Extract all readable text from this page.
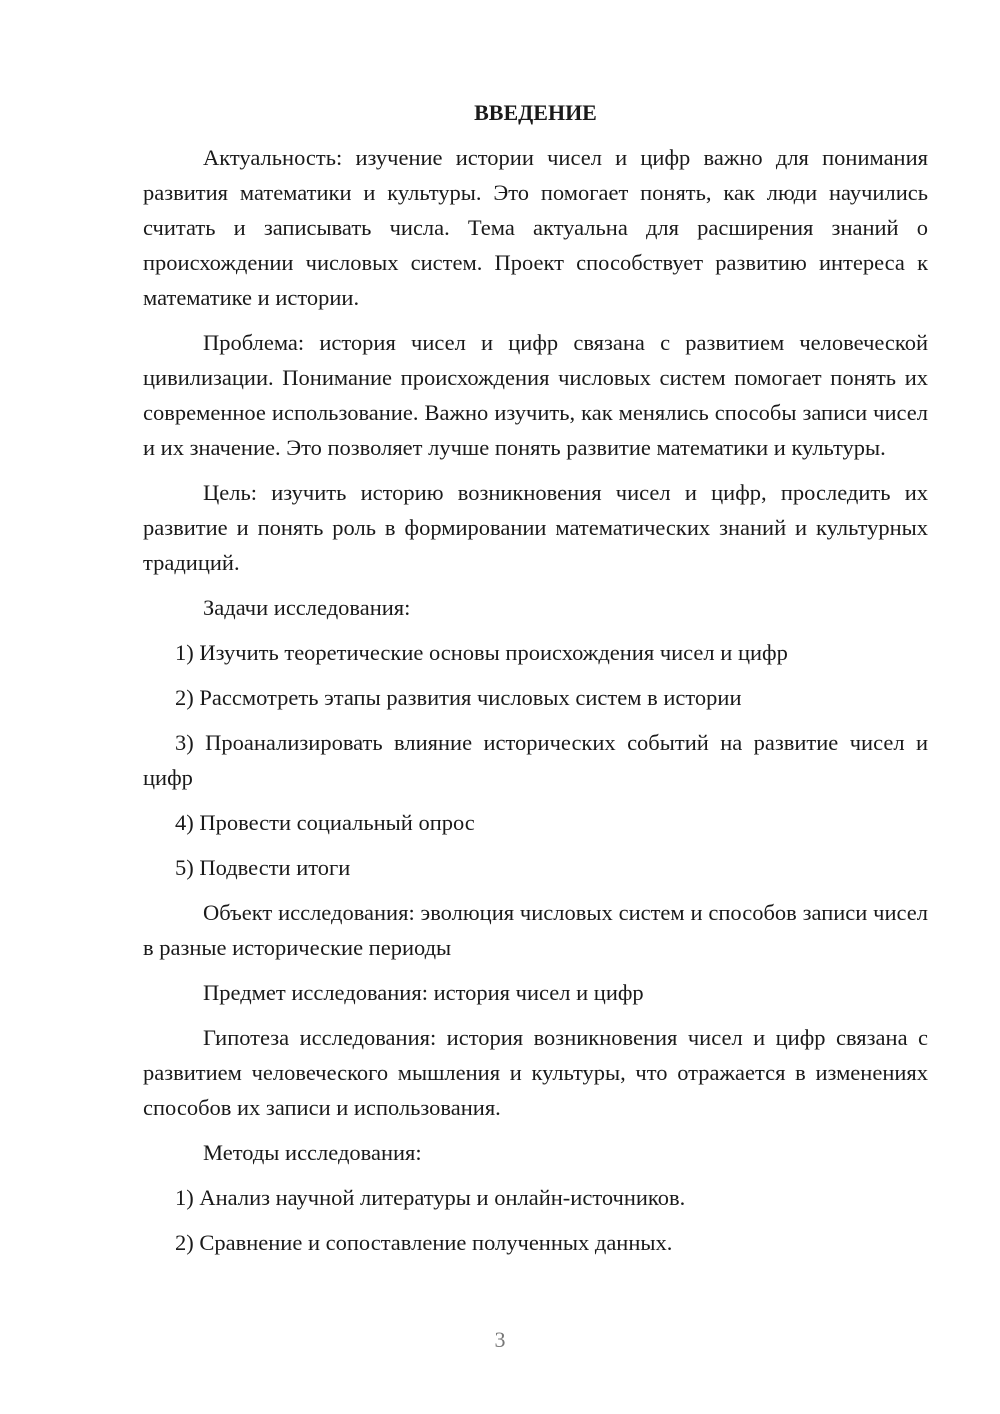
ВВЕДЕНИЕ

Актуальность: изучение истории чисел и цифр важно для понимания развития математики и культуры. Это помогает понять, как люди научились считать и записывать числа. Тема актуальна для расширения знаний о происхождении числовых систем. Проект способствует развитию интереса к математике и истории.

Проблема: история чисел и цифр связана с развитием человеческой цивилизации. Понимание происхождения числовых систем помогает понять их современное использование. Важно изучить, как менялись способы записи чисел и их значение. Это позволяет лучше понять развитие математики и культуры.

Цель: изучить историю возникновения чисел и цифр, проследить их развитие и понять роль в формировании математических знаний и культурных традиций.

Задачи исследования:

1) Изучить теоретические основы происхождения чисел и цифр

2) Рассмотреть этапы развития числовых систем в истории

3) Проанализировать влияние исторических событий на развитие чисел и цифр

4) Провести социальный опрос

5) Подвести итоги

Объект исследования: эволюция числовых систем и способов записи чисел в разные исторические периоды

Предмет исследования: история чисел и цифр

Гипотеза исследования: история возникновения чисел и цифр связана с развитием человеческого мышления и культуры, что отражается в изменениях способов их записи и использования.

Методы исследования:

1) Анализ научной литературы и онлайн-источников.

2) Сравнение и сопоставление полученных данных.

3
